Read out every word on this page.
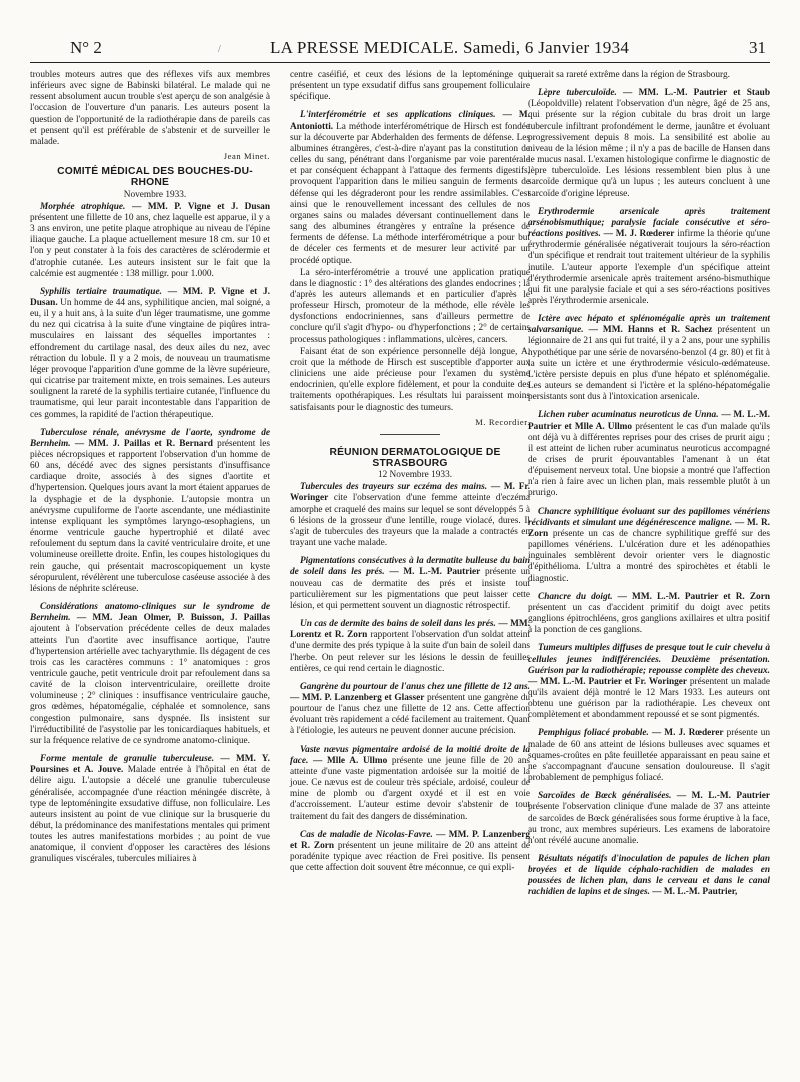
N° 2	/	LA PRESSE MEDICALE. Samedi, 6 Janvier 1934	31

troubles moteurs autres que des réflexes vifs aux membres inférieurs avec signe de Babinski bilatéral. Le malade qui ne ressent absolument aucun trouble s'est aperçu de son analgésie à l'occasion de l'ouverture d'un panaris. Les auteurs posent la question de l'opportunité de la radiothérapie dans de pareils cas et pensent qu'il est préférable de s'abstenir et de surveiller le malade.

Jean Minet.

COMITÉ MÉDICAL DES BOUCHES-DU-RHONE

Novembre 1933.

Morphée atrophique. — MM. P. Vigne et J. Dusan présentent une fillette de 10 ans, chez laquelle est apparue, il y a 3 ans environ, une petite plaque atrophique au niveau de l'épine iliaque gauche. La plaque actuellement mesure 18 cm. sur 10 et l'on y peut constater à la fois des caractères de sclérodermie et d'atrophie cutanée. Les auteurs insistent sur le fait que la calcémie est augmentée : 138 milligr. pour 1.000.

Syphilis tertiaire traumatique. — MM. P. Vigne et J. Dusan. Un homme de 44 ans, syphilitique ancien, mal soigné, a eu, il y a huit ans, à la suite d'un léger traumatisme, une gomme du nez qui cicatrisa à la suite d'une vingtaine de piqûres intra-musculaires en laissant des séquelles importantes : effondrement du cartilage nasal, des deux ailes du nez, avec rétraction du lobule. Il y a 2 mois, de nouveau un traumatisme léger provoque l'apparition d'une gomme de la lèvre supérieure, qui cicatrise par traitement mixte, en trois semaines. Les auteurs soulignent la rareté de la syphilis tertiaire cutanée, l'influence du traumatisme, qui leur parait incontestable dans l'apparition de ces gommes, la rapidité de l'action thérapeutique.

Tuberculose rénale, anévrysme de l'aorte, syndrome de Bernheim. — MM. J. Paillas et R. Bernard présentent les pièces nécropsiques et rapportent l'observation d'un homme de 60 ans, décédé avec des signes persistants d'insuffisance cardiaque droite, associés à des signes d'aortite et d'hypertension. Quelques jours avant la mort étaient apparues de la dysphagie et de la dysphonie. L'autopsie montra un anévrysme cupuliforme de l'aorte ascendante, une médiastinite intense expliquant les symptômes laryngo-œsophagiens, un énorme ventricule gauche hypertrophié et dilaté avec refoulement du septum dans la cavité ventriculaire droite, et une volumineuse oreillette droite. Enfin, les coupes histologiques du rein gauche, qui présentait macroscopiquement un kyste séropurulent, révélèrent une tuberculose caséeuse associée à des lésions de néphrite scléreuse.

Considérations anatomo-cliniques sur le syndrome de Bernheim. — MM. Jean Olmer, P. Buisson, J. Paillas ajoutent à l'observation précédente celles de deux malades atteints l'un d'aortite avec insuffisance aortique, l'autre d'hypertension artérielle avec tachyarythmie. Ils dégagent de ces trois cas les caractères communs : 1° anatomiques : gros ventricule gauche, petit ventricule droit par refoulement dans sa cavité de la cloison interventriculaire, oreillette droite volumineuse ; 2° cliniques : insuffisance ventriculaire gauche, gros œdèmes, hépatomégalie, céphalée et somnolence, sans congestion pulmonaire, sans dyspnée. Ils insistent sur l'irréductibilité de l'asystolie par les tonicardiaques habituels, et sur la fréquence relative de ce syndrome anatomo-clinique.

Forme mentale de granulie tuberculeuse. — MM. Y. Poursines et A. Jouve. Malade entrée à l'hôpital en état de délire aigu. L'autopsie a décelé une granulie tuberculeuse généralisée, accompagnée d'une réaction méningée discrète, à type de leptoméningite exsudative diffuse, non folliculaire. Les auteurs insistent au point de vue clinique sur la brusquerie du début, la prédominance des manifestations mentales qui priment toutes les autres manifestations morbides ; au point de vue anatomique, il convient d'opposer les caractères des lésions granuliques viscérales, tubercules miliaires à

centre caséifié, et ceux des lésions de la leptoméninge qui présentent un type exsudatif diffus sans groupement folliculaire spécifique.

L'interférométrie et ses applications cliniques. — M. Antoniotti. La méthode interférométrique de Hirsch est fondée sur la découverte par Abderhalden des ferments de défense. Les albumines étrangères, c'est-à-dire n'ayant pas la constitution de celles du sang, pénétrant dans l'organisme par voie parentérale et par conséquent échappant à l'attaque des ferments digestifs, provoquent l'apparition dans le milieu sanguin de ferments de défense qui les dégraderont pour les rendre assimilables. C'est ainsi que le renouvellement incessant des cellules de nos organes sains ou malades déversant continuellement dans le sang des albumines étrangères y entraîne la présence de ferments de défense. La méthode interférométrique a pour but de déceler ces ferments et de mesurer leur activité par un procédé optique.

La séro-interférométrie a trouvé une application pratique dans le diagnostic : 1° des altérations des glandes endocrines ; là d'après les auteurs allemands et en particulier d'après le professeur Hirsch, promoteur de la méthode, elle révèle les dysfonctions endocriniennes, sans d'ailleurs permettre de conclure qu'il s'agit d'hypo- ou d'hyperfonctions ; 2° de certains processus pathologiques : inflammations, ulcères, cancers.

Faisant état de son expérience personnelle déjà longue, A. croit que la méthode de Hirsch est susceptible d'apporter aux cliniciens une aide précieuse pour l'examen du système endocrinien, qu'elle explore fidèlement, et pour la conduite des traitements opothérapiques. Les résultats lui paraissent moins satisfaisants pour le diagnostic des tumeurs.

M. Recordier.

RÉUNION DERMATOLOGIQUE DE STRASBOURG

12 Novembre 1933.

Tubercules des trayeurs sur eczéma des mains. — M. Fr. Woringer cite l'observation d'une femme atteinte d'eczéma amorphe et craquelé des mains sur lequel se sont développés 5 à 6 lésions de la grosseur d'une lentille, rouge violacé, dures. Il s'agit de tubercules des trayeurs que la malade a contractés en trayant une vache malade.

Pigmentations consécutives à la dermatite bulleuse du bain de soleil dans les prés. — M. L.-M. Pautrier présente un nouveau cas de dermatite des prés et insiste tout particulièrement sur les pigmentations que peut laisser cette lésion, et qui permettent souvent un diagnostic rétrospectif.

Un cas de dermite des bains de soleil dans les prés. — MM. Lorentz et R. Zorn rapportent l'observation d'un soldat atteint d'une dermite des prés typique à la suite d'un bain de soleil dans l'herbe. On peut relever sur les lésions le dessin de feuilles entières, ce qui rend certain le diagnostic.

Gangrène du pourtour de l'anus chez une fillette de 12 ans. — MM. P. Lanzenberg et Glasser présentent une gangrène du pourtour de l'anus chez une fillette de 12 ans. Cette affection évoluant très rapidement a cédé facilement au traitement. Quant à l'étiologie, les auteurs ne peuvent donner aucune précision.

Vaste nævus pigmentaire ardoisé de la moitié droite de la face. — Mlle A. Ullmo présente une jeune fille de 20 ans atteinte d'une vaste pigmentation ardoisée sur la moitié de la joue. Ce nævus est de couleur très spéciale, ardoisé, couleur de mine de plomb ou d'argent oxydé et il est en voie d'accroissement. L'auteur estime devoir s'abstenir de tout traitement du fait des dangers de dissémination.

Cas de maladie de Nicolas-Favre. — MM. P. Lanzenberg et R. Zorn présentent un jeune militaire de 20 ans atteint de poradénite typique avec réaction de Frei positive. Ils pensent que cette affection doit souvent être méconnue, ce qui expli-

querait sa rareté extrême dans la région de Strasbourg.

Lèpre tuberculoïde. — MM. L.-M. Pautrier et Staub (Léopoldville) relatent l'observation d'un nègre, âgé de 25 ans, qui présente sur la région cubitale du bras droit un large tubercule infiltrant profondément le derme, jaunâtre et évoluant progressivement depuis 8 mois. La sensibilité est abolie au niveau de la lésion même ; il n'y a pas de bacille de Hansen dans le mucus nasal. L'examen histologique confirme le diagnostic de lèpre tuberculoïde. Les lésions ressemblent bien plus à une sarcoïde dermique qu'à un lupus ; les auteurs concluent à une sarcoïde d'origine lépreuse.

Erythrodermie arsenicale après traitement arsénobismuthique; paralysie faciale consécutive et séro-réactions positives. — M. J. Rœderer infirme la théorie qu'une érythrodermie généralisée négativerait toujours la séro-réaction d'un spécifique et rendrait tout traitement ultérieur de la syphilis inutile. L'auteur apporte l'exemple d'un spécifique atteint d'érythrodermie arsenicale après traitement arséno-bismuthique qui fit une paralysie faciale et qui a ses séro-réactions positives après l'érythrodermie arsenicale.

Ictère avec hépato et splénomégalie après un traitement salvarsanique. — MM. Hanns et R. Sachez présentent un légionnaire de 21 ans qui fut traité, il y a 2 ans, pour une syphilis hypothétique par une série de novarséno-benzol (4 gr. 80) et fit à la suite un ictère et une érythrodermie vésiculo-œdémateuse. L'ictère persiste depuis en plus d'une hépato et splénomégalie. Les auteurs se demandent si l'ictère et la spléno-hépatomégalie persistants sont dus à l'intoxication arsenicale.

Lichen ruber acuminatus neuroticus de Unna. — M. L.-M. Pautrier et Mlle A. Ullmo présentent le cas d'un malade qu'ils ont déjà vu à différentes reprises pour des crises de prurit aigu ; il est atteint de lichen ruber acuminatus neuroticus accompagné de crises de prurit épouvantables l'amenant à un état d'épuisement nerveux total. Une biopsie a montré que l'affection n'a rien à faire avec un lichen plan, mais ressemble plutôt à un prurigo.

Chancre syphilitique évoluant sur des papillomes vénériens récidivants et simulant une dégénérescence maligne. — M. R. Zorn présente un cas de chancre syphilitique greffé sur des papillomes vénériens. L'ulcération dure et les adénopathies inguinales semblèrent devoir orienter vers le diagnostic d'épithélioma. L'ultra a montré des spirochètes et établi le diagnostic.

Chancre du doigt. — MM. L.-M. Pautrier et R. Zorn présentent un cas d'accident primitif du doigt avec petits ganglions épitrochléens, gros ganglions axillaires et ultra positif à la ponction de ces ganglions.

Tumeurs multiples diffuses de presque tout le cuir chevelu à cellules jeunes indifférenciées. Deuxième présentation. Guérison par la radiothérapie; repousse complète des cheveux. — MM. L.-M. Pautrier et Fr. Woringer présentent un malade qu'ils avaient déjà montré le 12 Mars 1933. Les auteurs ont obtenu une guérison par la radiothérapie. Les cheveux ont complètement et abondamment repoussé et se sont pigmentés.

Pemphigus foliacé probable. — M. J. Rœderer présente un malade de 60 ans atteint de lésions bulleuses avec squames et squames-croûtes en pâte feuilletée apparaissant en peau saine et ne s'accompagnant d'aucune sensation douloureuse. Il s'agit probablement de pemphigus foliacé.

Sarcoïdes de Bœck généralisées. — M. L.-M. Pautrier présente l'observation clinique d'une malade de 37 ans atteinte de sarcoïdes de Bœck généralisées sous forme éruptive à la face, au tronc, aux membres supérieurs. Les examens de laboratoire n'ont révélé aucune anomalie.

Résultats négatifs d'inoculation de papules de lichen plan broyées et de liquide céphalo-rachidien de malades en poussées de lichen plan, dans le cerveau et dans le canal rachidien de lapins et de singes. — M. L.-M. Pautrier,
